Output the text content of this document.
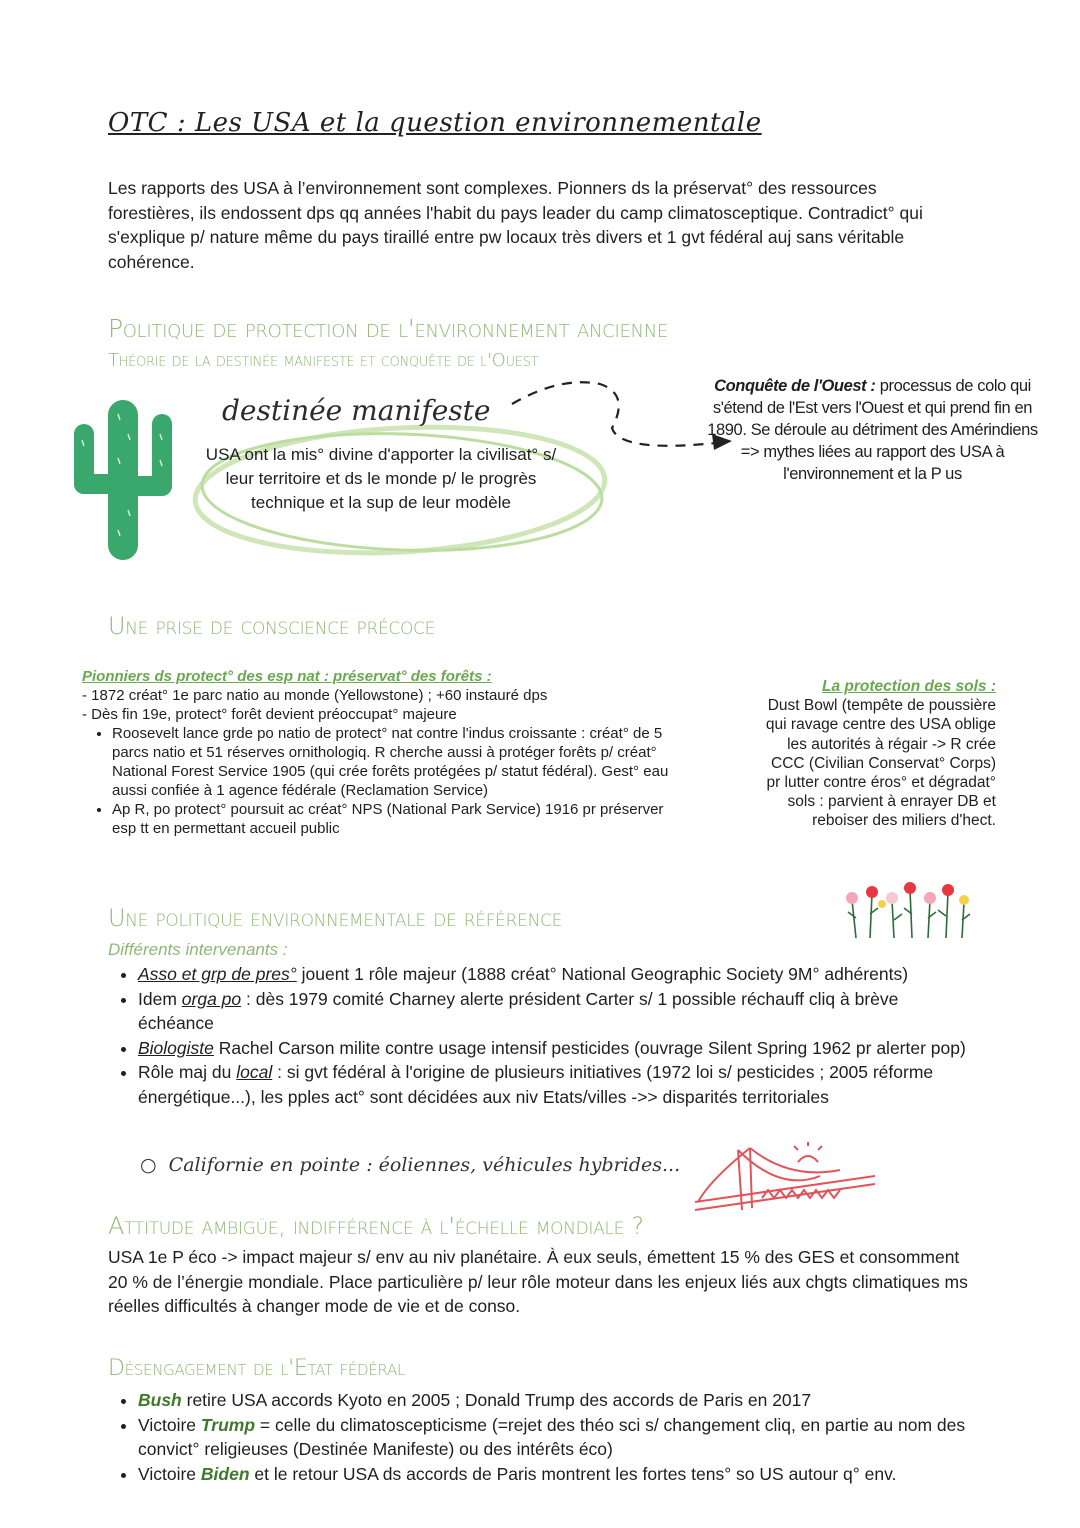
OTC : Les USA et la question environnementale
Les rapports des USA à l’environnement sont complexes. Pionners ds la préservat° des ressources forestières, ils endossent dps qq années l'habit du pays leader du camp climatosceptique. Contradict° qui s'explique p/ nature même du pays tiraillé entre pw locaux très divers et 1 gvt fédéral auj sans véritable cohérence.
Politique de protection de l'environnement ancienne
Théorie de la destinée manifeste et conquête de l'Ouest
destinée manifeste
USA ont la mis° divine d'apporter la civilisat° s/ leur territoire et ds le monde p/ le progrès technique et la sup de leur modèle
Conquête de l'Ouest : processus de colo qui s'étend de l'Est vers l'Ouest et qui prend fin en 1890. Se déroule au détriment des Amérindiens
=> mythes liées au rapport des USA à l'environnement et la P us
Une prise de conscience précoce
Pionniers ds protect° des esp nat : préservat° des forêts :
- 1872 créat° 1e parc natio au monde (Yellowstone) ; +60 instauré dps
- Dès fin 19e, protect° forêt devient préoccupat° majeure
• Roosevelt lance grde po natio de protect° nat contre l'indus croissante : créat° de 5 parcs natio et 51 réserves ornithologiq. R cherche aussi à protéger forêts p/ créat° National Forest Service 1905 (qui crée forêts protégées p/ statut fédéral). Gest° eau aussi confiée à 1 agence fédérale (Reclamation Service)
• Ap R, po protect° poursuit ac créat° NPS (National Park Service) 1916 pr préserver esp tt en permettant accueil public
La protection des sols :
Dust Bowl (tempête de poussière qui ravage centre des USA oblige les autorités à régair -> R crée CCC (Civilian Conservat° Corps) pr lutter contre éros° et dégradat° sols : parvient à enrayer DB et reboiser des miliers d'hect.
Une politique environnementale de référence
Différents intervenants :
• Asso et grp de pres° jouent 1 rôle majeur (1888 créat° National Geographic Society 9M° adhérents)
• Idem orga po : dès 1979 comité Charney alerte président Carter s/ 1 possible réchauff cliq à brève échéance
• Biologiste Rachel Carson milite contre usage intensif pesticides (ouvrage Silent Spring 1962 pr alerter pop)
• Rôle maj du local : si gvt fédéral à l'origine de plusieurs initiatives (1972 loi s/ pesticides ; 2005 réforme énergétique...), les pples act° sont décidées aux niv Etats/villes ->> disparités territoriales
○  Californie en pointe : éoliennes, véhicules hybrides...
Attitude ambigüe, indifférence à l'échelle mondiale ?
USA 1e P éco -> impact majeur s/ env au niv planétaire. À eux seuls, émettent 15 % des GES et consomment 20 % de l’énergie mondiale. Place particulière p/ leur rôle moteur dans les enjeux liés aux chgts climatiques ms réelles difficultés à changer mode de vie et de conso.
Désengagement de l'Etat fédéral
• Bush retire USA accords Kyoto en 2005 ; Donald Trump des accords de Paris en 2017
• Victoire Trump = celle du climatoscepticisme (=rejet des théo sci s/ changement cliq, en partie au nom des convict° religieuses (Destinée Manifeste) ou des intérêts éco)
• Victoire Biden et le retour USA ds accords de Paris montrent les fortes tens° so US autour q° env.
